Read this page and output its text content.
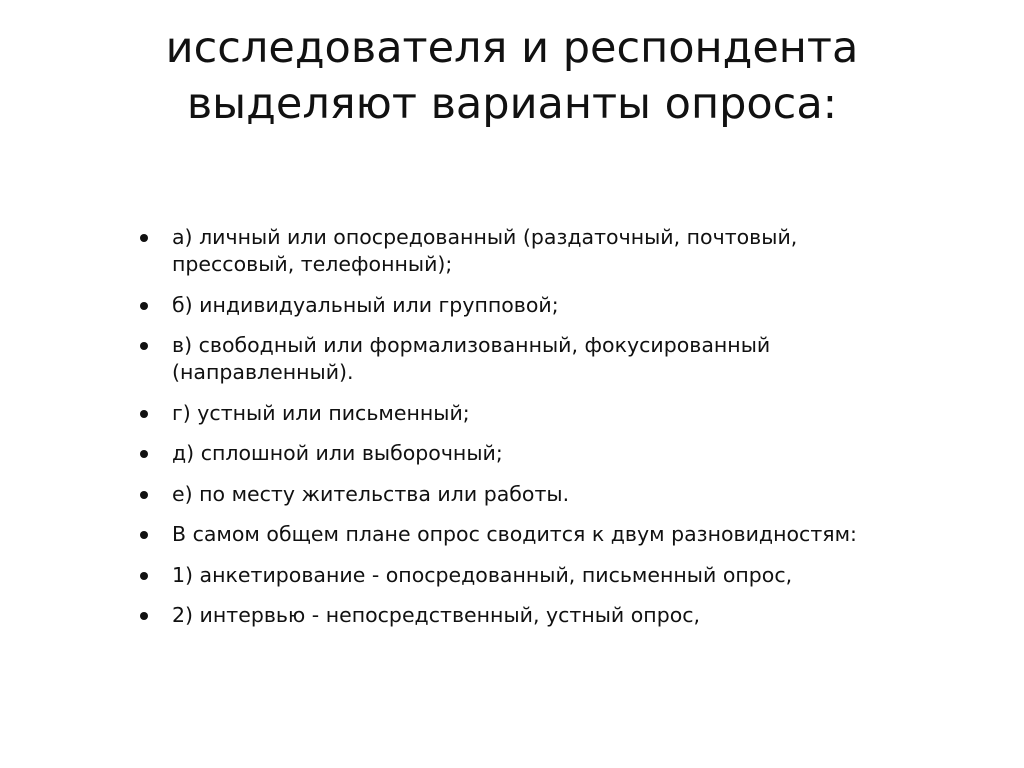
исследователя и респондента
выделяют варианты опроса:
а) личный или опосредованный (раздаточный, почтовый, прессовый, телефонный);
б) индивидуальный или групповой;
в) свободный или формализованный, фокусированный (направленный).
г) устный или письменный;
д) сплошной или выборочный;
е) по месту жительства или работы.
В самом общем плане опрос сводится к двум разновидностям:
1) анкетирование - опосредованный, письменный опрос,
2) интервью - непосредственный, устный опрос,
